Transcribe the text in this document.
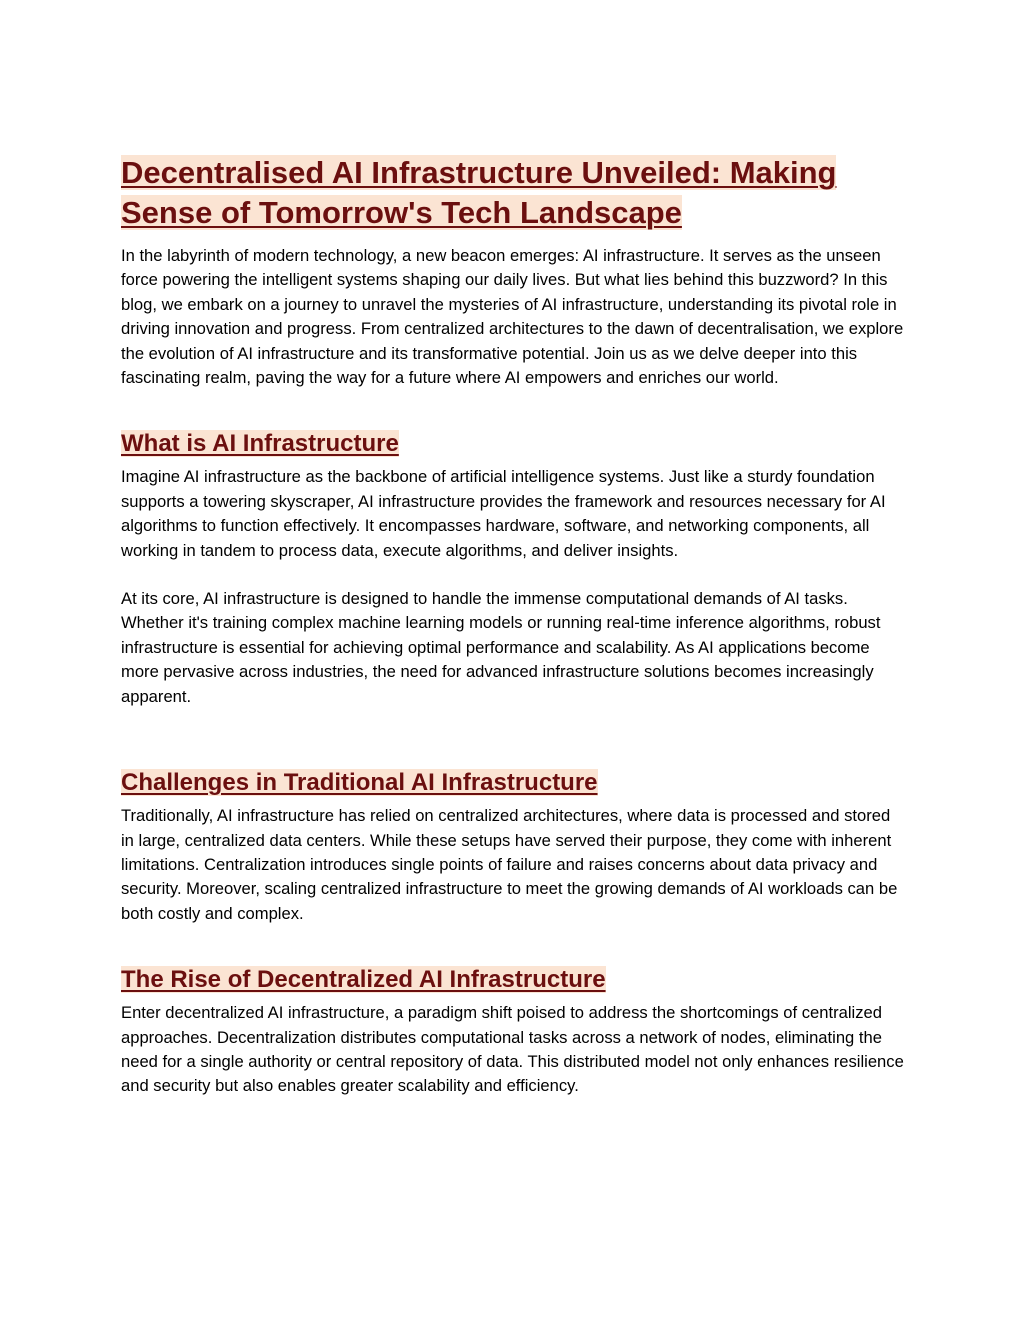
Decentralised AI Infrastructure Unveiled: Making Sense of Tomorrow's Tech Landscape

In the labyrinth of modern technology, a new beacon emerges: AI infrastructure. It serves as the unseen force powering the intelligent systems shaping our daily lives. But what lies behind this buzzword? In this blog, we embark on a journey to unravel the mysteries of AI infrastructure, understanding its pivotal role in driving innovation and progress. From centralized architectures to the dawn of decentralisation, we explore the evolution of AI infrastructure and its transformative potential. Join us as we delve deeper into this fascinating realm, paving the way for a future where AI empowers and enriches our world.

What is AI Infrastructure

Imagine AI infrastructure as the backbone of artificial intelligence systems. Just like a sturdy foundation supports a towering skyscraper, AI infrastructure provides the framework and resources necessary for AI algorithms to function effectively. It encompasses hardware, software, and networking components, all working in tandem to process data, execute algorithms, and deliver insights.

At its core, AI infrastructure is designed to handle the immense computational demands of AI tasks. Whether it's training complex machine learning models or running real-time inference algorithms, robust infrastructure is essential for achieving optimal performance and scalability. As AI applications become more pervasive across industries, the need for advanced infrastructure solutions becomes increasingly apparent.

Challenges in Traditional AI Infrastructure

Traditionally, AI infrastructure has relied on centralized architectures, where data is processed and stored in large, centralized data centers. While these setups have served their purpose, they come with inherent limitations. Centralization introduces single points of failure and raises concerns about data privacy and security. Moreover, scaling centralized infrastructure to meet the growing demands of AI workloads can be both costly and complex.

The Rise of Decentralized AI Infrastructure

Enter decentralized AI infrastructure, a paradigm shift poised to address the shortcomings of centralized approaches. Decentralization distributes computational tasks across a network of nodes, eliminating the need for a single authority or central repository of data. This distributed model not only enhances resilience and security but also enables greater scalability and efficiency.
